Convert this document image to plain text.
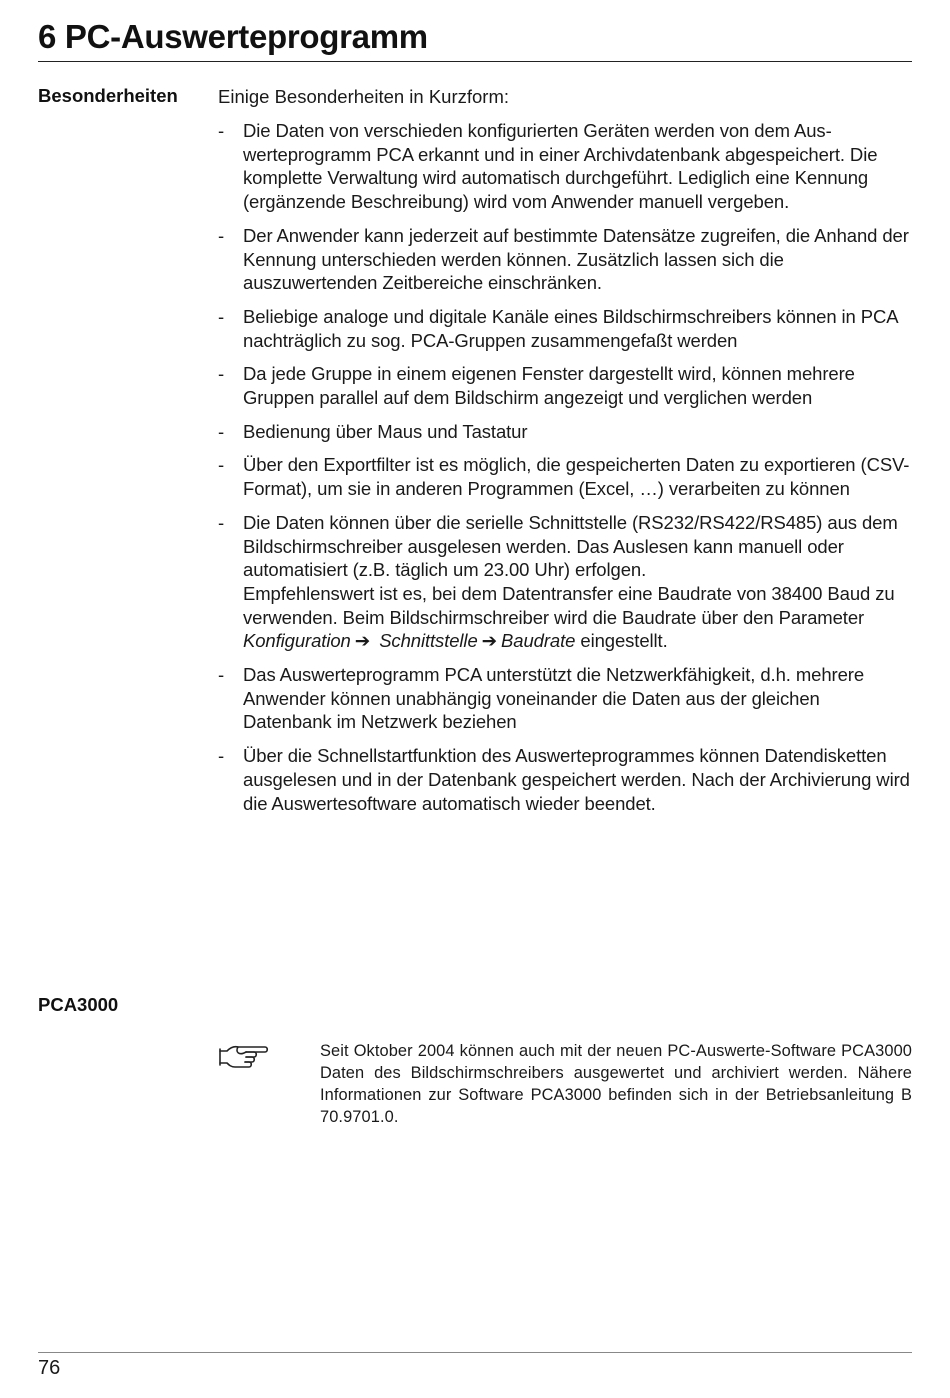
6 PC-Auswerteprogramm
Besonderheiten Einige Besonderheiten in Kurzform:
- Die Daten von verschieden konfigurierten Geräten werden von dem Auswerteprogramm PCA erkannt und in einer Archivdatenbank abgespeichert. Die komplette Verwaltung wird automatisch durchgeführt. Lediglich eine Kennung (ergänzende Beschreibung) wird vom Anwender manuell vergeben.
- Der Anwender kann jederzeit auf bestimmte Datensätze zugreifen, die Anhand der Kennung unterschieden werden können. Zusätzlich lassen sich die auszuwertenden Zeitbereiche einschränken.
- Beliebige analoge und digitale Kanäle eines Bildschirmschreibers können in PCA nachträglich zu sog. PCA-Gruppen zusammengefaßt werden
- Da jede Gruppe in einem eigenen Fenster dargestellt wird, können mehrere Gruppen parallel auf dem Bildschirm angezeigt und verglichen werden
- Bedienung über Maus und Tastatur
- Über den Exportfilter ist es möglich, die gespeicherten Daten zu exportieren (CSV-Format), um sie in anderen Programmen (Excel, …) verarbeiten zu können
- Die Daten können über die serielle Schnittstelle (RS232/RS422/RS485) aus dem Bildschirmschreiber ausgelesen werden. Das Auslesen kann manuell oder automatisiert (z.B. täglich um 23.00 Uhr) erfolgen.
Empfehlenswert ist es, bei dem Datentransfer eine Baudrate von 38400 Baud zu verwenden. Beim Bildschirmschreiber wird die Baudrate über den Parameter Konfiguration ➔ Schnittstelle ➔ Baudrate eingestellt.
- Das Auswerteprogramm PCA unterstützt die Netzwerkfähigkeit, d.h. mehrere Anwender können unabhängig voneinander die Daten aus der gleichen Datenbank im Netzwerk beziehen
- Über die Schnellstartfunktion des Auswerteprogrammes können Datendisketten ausgelesen und in der Datenbank gespeichert werden. Nach der Archivierung wird die Auswertesoftware automatisch wieder beendet.
PCA3000
Seit Oktober 2004 können auch mit der neuen PC-Auswerte-Software PCA3000 Daten des Bildschirmschreibers ausgewertet und archiviert werden. Nähere Informationen zur Software PCA3000 befinden sich in der Betriebsanleitung B 70.9701.0.
76
